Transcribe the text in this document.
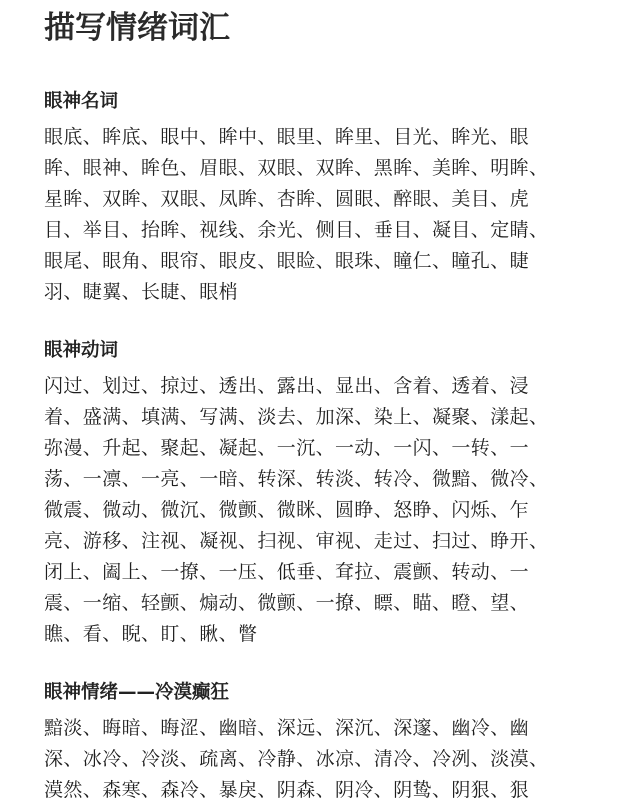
描写情绪词汇
眼神名词

眼底、眸底、眼中、眸中、眼里、眸里、目光、眸光、眼
眸、眼神、眸色、眉眼、双眼、双眸、黑眸、美眸、明眸、
星眸、双眸、双眼、凤眸、杏眸、圆眼、醉眼、美目、虎
目、举目、抬眸、视线、余光、侧目、垂目、凝目、定睛、
眼尾、眼角、眼帘、眼皮、眼睑、眼珠、瞳仁、瞳孔、睫
羽、睫翼、长睫、眼梢

眼神动词

闪过、划过、掠过、透出、露出、显出、含着、透着、浸
着、盛满、填满、写满、淡去、加深、染上、凝聚、漾起、
弥漫、升起、聚起、凝起、一沉、一动、一闪、一转、一
荡、一凛、一亮、一暗、转深、转淡、转冷、微黯、微冷、
微震、微动、微沉、微颤、微眯、圆睁、怒睁、闪烁、乍
亮、游移、注视、凝视、扫视、审视、走过、扫过、睁开、
闭上、阖上、一撩、一压、低垂、耷拉、震颤、转动、一
震、一缩、轻颤、煽动、微颤、一撩、瞟、瞄、瞪、望、
瞧、看、睨、盯、瞅、瞥

眼神情绪——冷漠癫狂

黯淡、晦暗、晦涩、幽暗、深远、深沉、深邃、幽冷、幽
深、冰冷、冷淡、疏离、冷静、冰凉、清冷、冷冽、淡漠、
漠然、森寒、森冷、暴戾、阴森、阴冷、阴鸷、阴狠、狠
